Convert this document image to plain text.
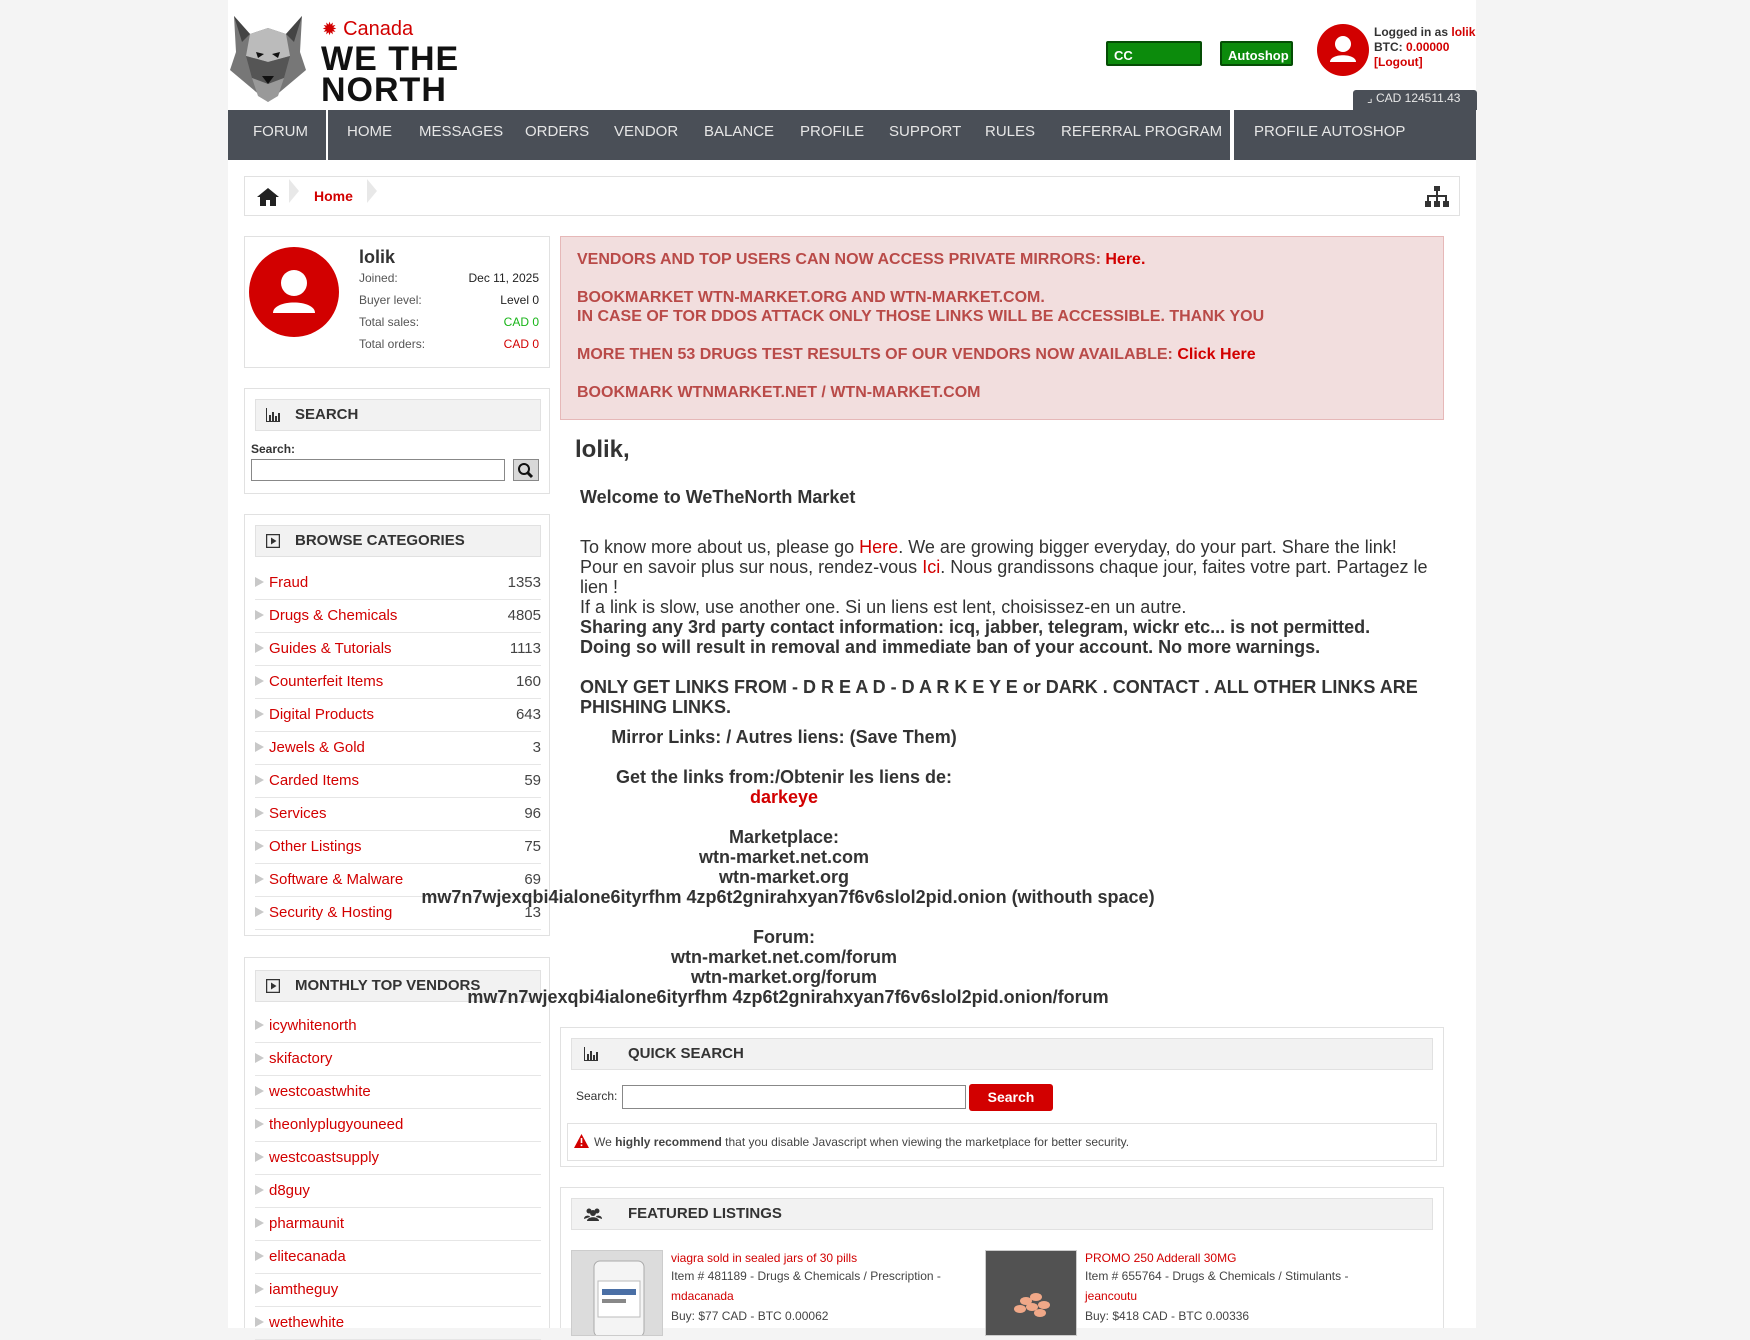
✹ Canada
WE THE
NORTH
CC Autoshop
Autoshop
Logged in as lolik
BTC: 0.00000
[Logout]
⌟ CAD 124511.43
FORUM	HOME MESSAGES ORDERS VENDOR BALANCE PROFILE SUPPORT RULES REFERRAL PROGRAM	PROFILE AUTOSHOP
Home
lolik
Joined:	Dec 11, 2025
Buyer level:	Level 0
Total sales:	CAD 0
Total orders:	CAD 0
SEARCH
Search:
BROWSE CATEGORIES
Fraud	1353
Drugs & Chemicals	4805
Guides & Tutorials	1113
Counterfeit Items	160
Digital Products	643
Jewels & Gold	3
Carded Items	59
Services	96
Other Listings	75
Software & Malware	69
Security & Hosting	13
MONTHLY TOP VENDORS
icywhitenorth
skifactory
westcoastwhite
theonlyplugyouneed
westcoastsupply
d8guy
pharmaunit
elitecanada
iamtheguy
wethewhite
VENDORS AND TOP USERS CAN NOW ACCESS PRIVATE MIRRORS: Here.
BOOKMARKET WTN-MARKET.ORG AND WTN-MARKET.COM.
IN CASE OF TOR DDOS ATTACK ONLY THOSE LINKS WILL BE ACCESSIBLE. THANK YOU
MORE THEN 53 DRUGS TEST RESULTS OF OUR VENDORS NOW AVAILABLE: Click Here
BOOKMARK WTNMARKET.NET / WTN-MARKET.COM
lolik,
Welcome to WeTheNorth Market
To know more about us, please go Here. We are growing bigger everyday, do your part. Share the link!
Pour en savoir plus sur nous, rendez-vous Ici. Nous grandissons chaque jour, faites votre part. Partagez le
lien !
If a link is slow, use another one. Si un liens est lent, choisissez-en un autre.
Sharing any 3rd party contact information: icq, jabber, telegram, wickr etc... is not permitted.
Doing so will result in removal and immediate ban of your account. No more warnings.
ONLY GET LINKS FROM - D R E A D - D A R K E Y E or DARK . CONTACT . ALL OTHER LINKS ARE
PHISHING LINKS.
Mirror Links: / Autres liens: (Save Them)
Get the links from:/Obtenir les liens de:
darkeye
Marketplace:
wtn-market.net.com
wtn-market.org
mw7n7wjexqbi4ialone6ityrfhm 4zp6t2gnirahxyan7f6v6slol2pid.onion (withouth space)
Forum:
wtn-market.net.com/forum
wtn-market.org/forum
mw7n7wjexqbi4ialone6ityrfhm 4zp6t2gnirahxyan7f6v6slol2pid.onion/forum
QUICK SEARCH
Search:	Search
We highly recommend that you disable Javascript when viewing the marketplace for better security.
FEATURED LISTINGS
viagra sold in sealed jars of 30 pills
Item # 481189 - Drugs & Chemicals / Prescription -
mdacanada
Buy: $77 CAD - BTC 0.00062
PROMO 250 Adderall 30MG
Item # 655764 - Drugs & Chemicals / Stimulants -
jeancoutu
Buy: $418 CAD - BTC 0.00336
